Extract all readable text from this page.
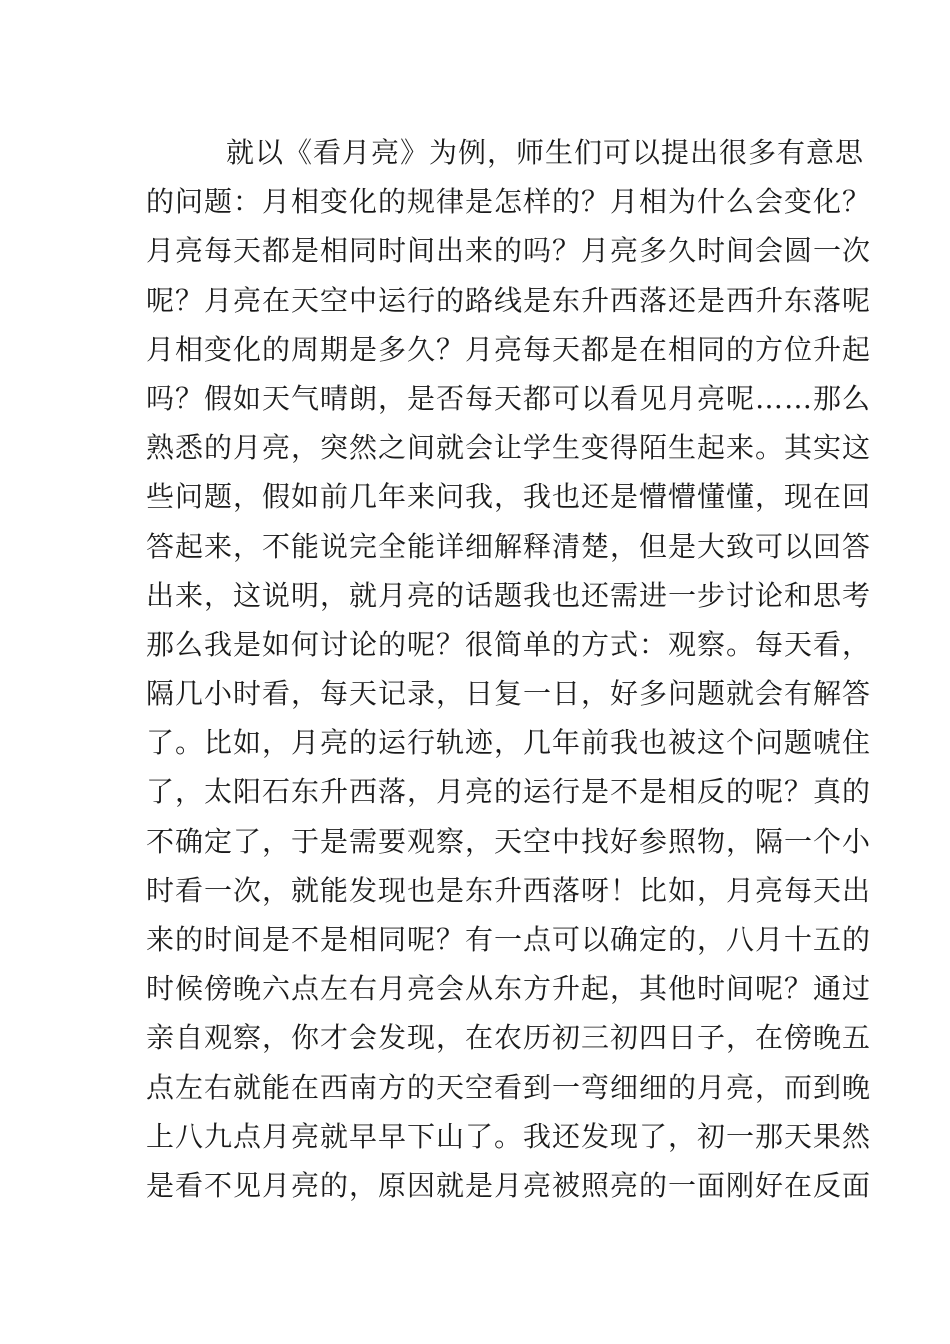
就以《看月亮》为例，师生们可以提出很多有意思
的问题：月相变化的规律是怎样的？月相为什么会变化？
月亮每天都是相同时间出来的吗？月亮多久时间会圆一次
呢？月亮在天空中运行的路线是东升西落还是西升东落呢
月相变化的周期是多久？月亮每天都是在相同的方位升起
吗？假如天气晴朗，是否每天都可以看见月亮呢……那么
熟悉的月亮，突然之间就会让学生变得陌生起来。其实这
些问题，假如前几年来问我，我也还是懵懵懂懂，现在回
答起来，不能说完全能详细解释清楚，但是大致可以回答
出来，这说明，就月亮的话题我也还需进一步讨论和思考
那么我是如何讨论的呢？很简单的方式：观察。每天看，
隔几小时看，每天记录，日复一日，好多问题就会有解答
了。比如，月亮的运行轨迹，几年前我也被这个问题唬住
了，太阳石东升西落，月亮的运行是不是相反的呢？真的
不确定了，于是需要观察，天空中找好参照物，隔一个小
时看一次，就能发现也是东升西落呀！比如，月亮每天出
来的时间是不是相同呢？有一点可以确定的，八月十五的
时候傍晚六点左右月亮会从东方升起，其他时间呢？通过
亲自观察，你才会发现，在农历初三初四日子，在傍晚五
点左右就能在西南方的天空看到一弯细细的月亮，而到晚
上八九点月亮就早早下山了。我还发现了，初一那天果然
是看不见月亮的，原因就是月亮被照亮的一面刚好在反面
